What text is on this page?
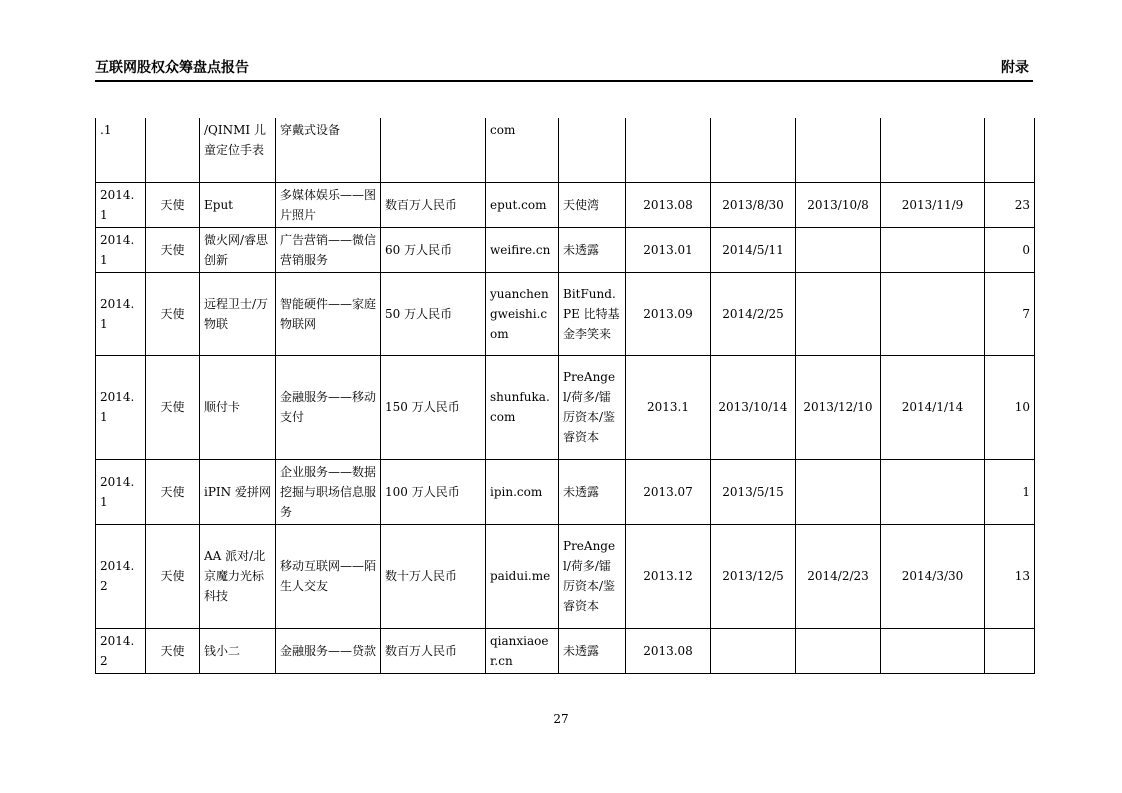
互联网股权众筹盘点报告	附录
.1		/QINMI 儿童定位手表	穿戴式设备		com						
2014.1	天使	Eput	多媒体娱乐——图片照片	数百万人民币	eput.com	天使湾	2013.08	2013/8/30	2013/10/8	2013/11/9	23
2014.1	天使	微火网/睿思创新	广告营销——微信营销服务	60 万人民币	weifire.cn	未透露	2013.01	2014/5/11			0
2014.1	天使	远程卫士/万物联	智能硬件——家庭物联网	50 万人民币	yuanchengweishi.com	BitFund.PE 比特基金李笑来	2013.09	2014/2/25			7
2014.1	天使	顺付卡	金融服务——移动支付	150 万人民币	shunfuka.com	PreAngel/荷多/镭厉资本/鉴睿资本	2013.1	2013/10/14	2013/12/10	2014/1/14	10
2014.1	天使	iPIN 爱拼网	企业服务——数据挖掘与职场信息服务	100 万人民币	ipin.com	未透露	2013.07	2013/5/15			1
2014.2	天使	AA 派对/北京魔力光标科技	移动互联网——陌生人交友	数十万人民币	paidui.me	PreAngel/荷多/镭厉资本/鉴睿资本	2013.12	2013/12/5	2014/2/23	2014/3/30	13
2014.2	天使	钱小二	金融服务——贷款	数百万人民币	qianxiaoer.cn	未透露	2013.08				
27
